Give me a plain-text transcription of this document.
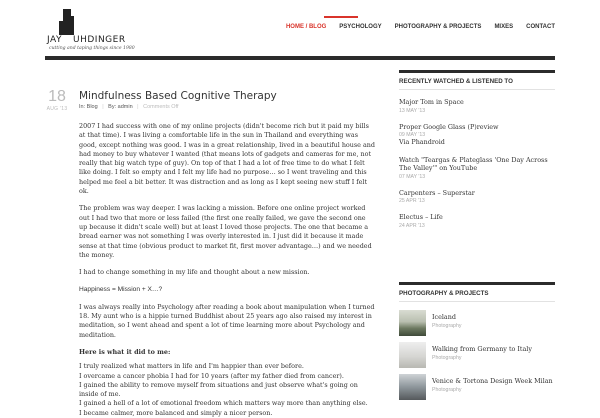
JAY UHDINGER
cutting and taping things since 1980
HOME / BLOG PSYCHOLOGY PHOTOGRAPHY & PROJECTS MIXES CONTACT
18
AUG '13
Mindfulness Based Cognitive Therapy
In: Blog | By: admin | Comments Off

2007 I had success with one of my online projects (didn't become rich but it paid my bills at that time). I was living a comfortable life in the sun in Thailand and everything was good, except nothing was good. I was in a great relationship, lived in a beautiful house and had money to buy whatever I wanted (that means lots of gadgets and cameras for me, not really that big watch type of guy). On top of that I had a lot of free time to do what I felt like doing. I felt so empty and I felt my life had no purpose… so I went traveling and this helped me feel a bit better. It was distraction and as long as I kept seeing new stuff I felt ok.

The problem was way deeper. I was lacking a mission. Before one online project worked out I had two that more or less failed (the first one really failed, we gave the second one up because it didn't scale well) but at least I loved those projects. The one that became a bread earner was not something I was overly interested in. I just did it because it made sense at that time (obvious product to market fit, first mover advantage…) and we needed the money.

I had to change something in my life and thought about a new mission.

Happiness = Mission + X…?

I was always really into Psychology after reading a book about manipulation when I turned 18. My aunt who is a hippie turned Buddhist about 25 years ago also raised my interest in meditation, so I went ahead and spent a lot of time learning more about Psychology and meditation.

Here is what it did to me:

I truly realized what matters in life and I'm happier than ever before.

I overcame a cancer phobia I had for 10 years (after my father died from cancer).

I gained the ability to remove myself from situations and just observe what's going on inside of me.

I gained a hell of a lot of emotional freedom which matters way more than anything else.

I became calmer, more balanced and simply a nicer person.

RECENTLY WATCHED & LISTENED TO
Major Tom in Space
13 MAY '13
Proper Google Glass (P)review
09 MAY '13
Via Phandroid
Watch "Teargas & Plateglass 'One Day Across The Valley'" on YouTube
07 MAY '13
Carpenters – Superstar
25 APR '13
Electus – Life
24 APR '13
PHOTOGRAPHY & PROJECTS
Iceland
Photography
Walking from Germany to Italy
Photography
Venice & Tortona Design Week Milan
Photography
